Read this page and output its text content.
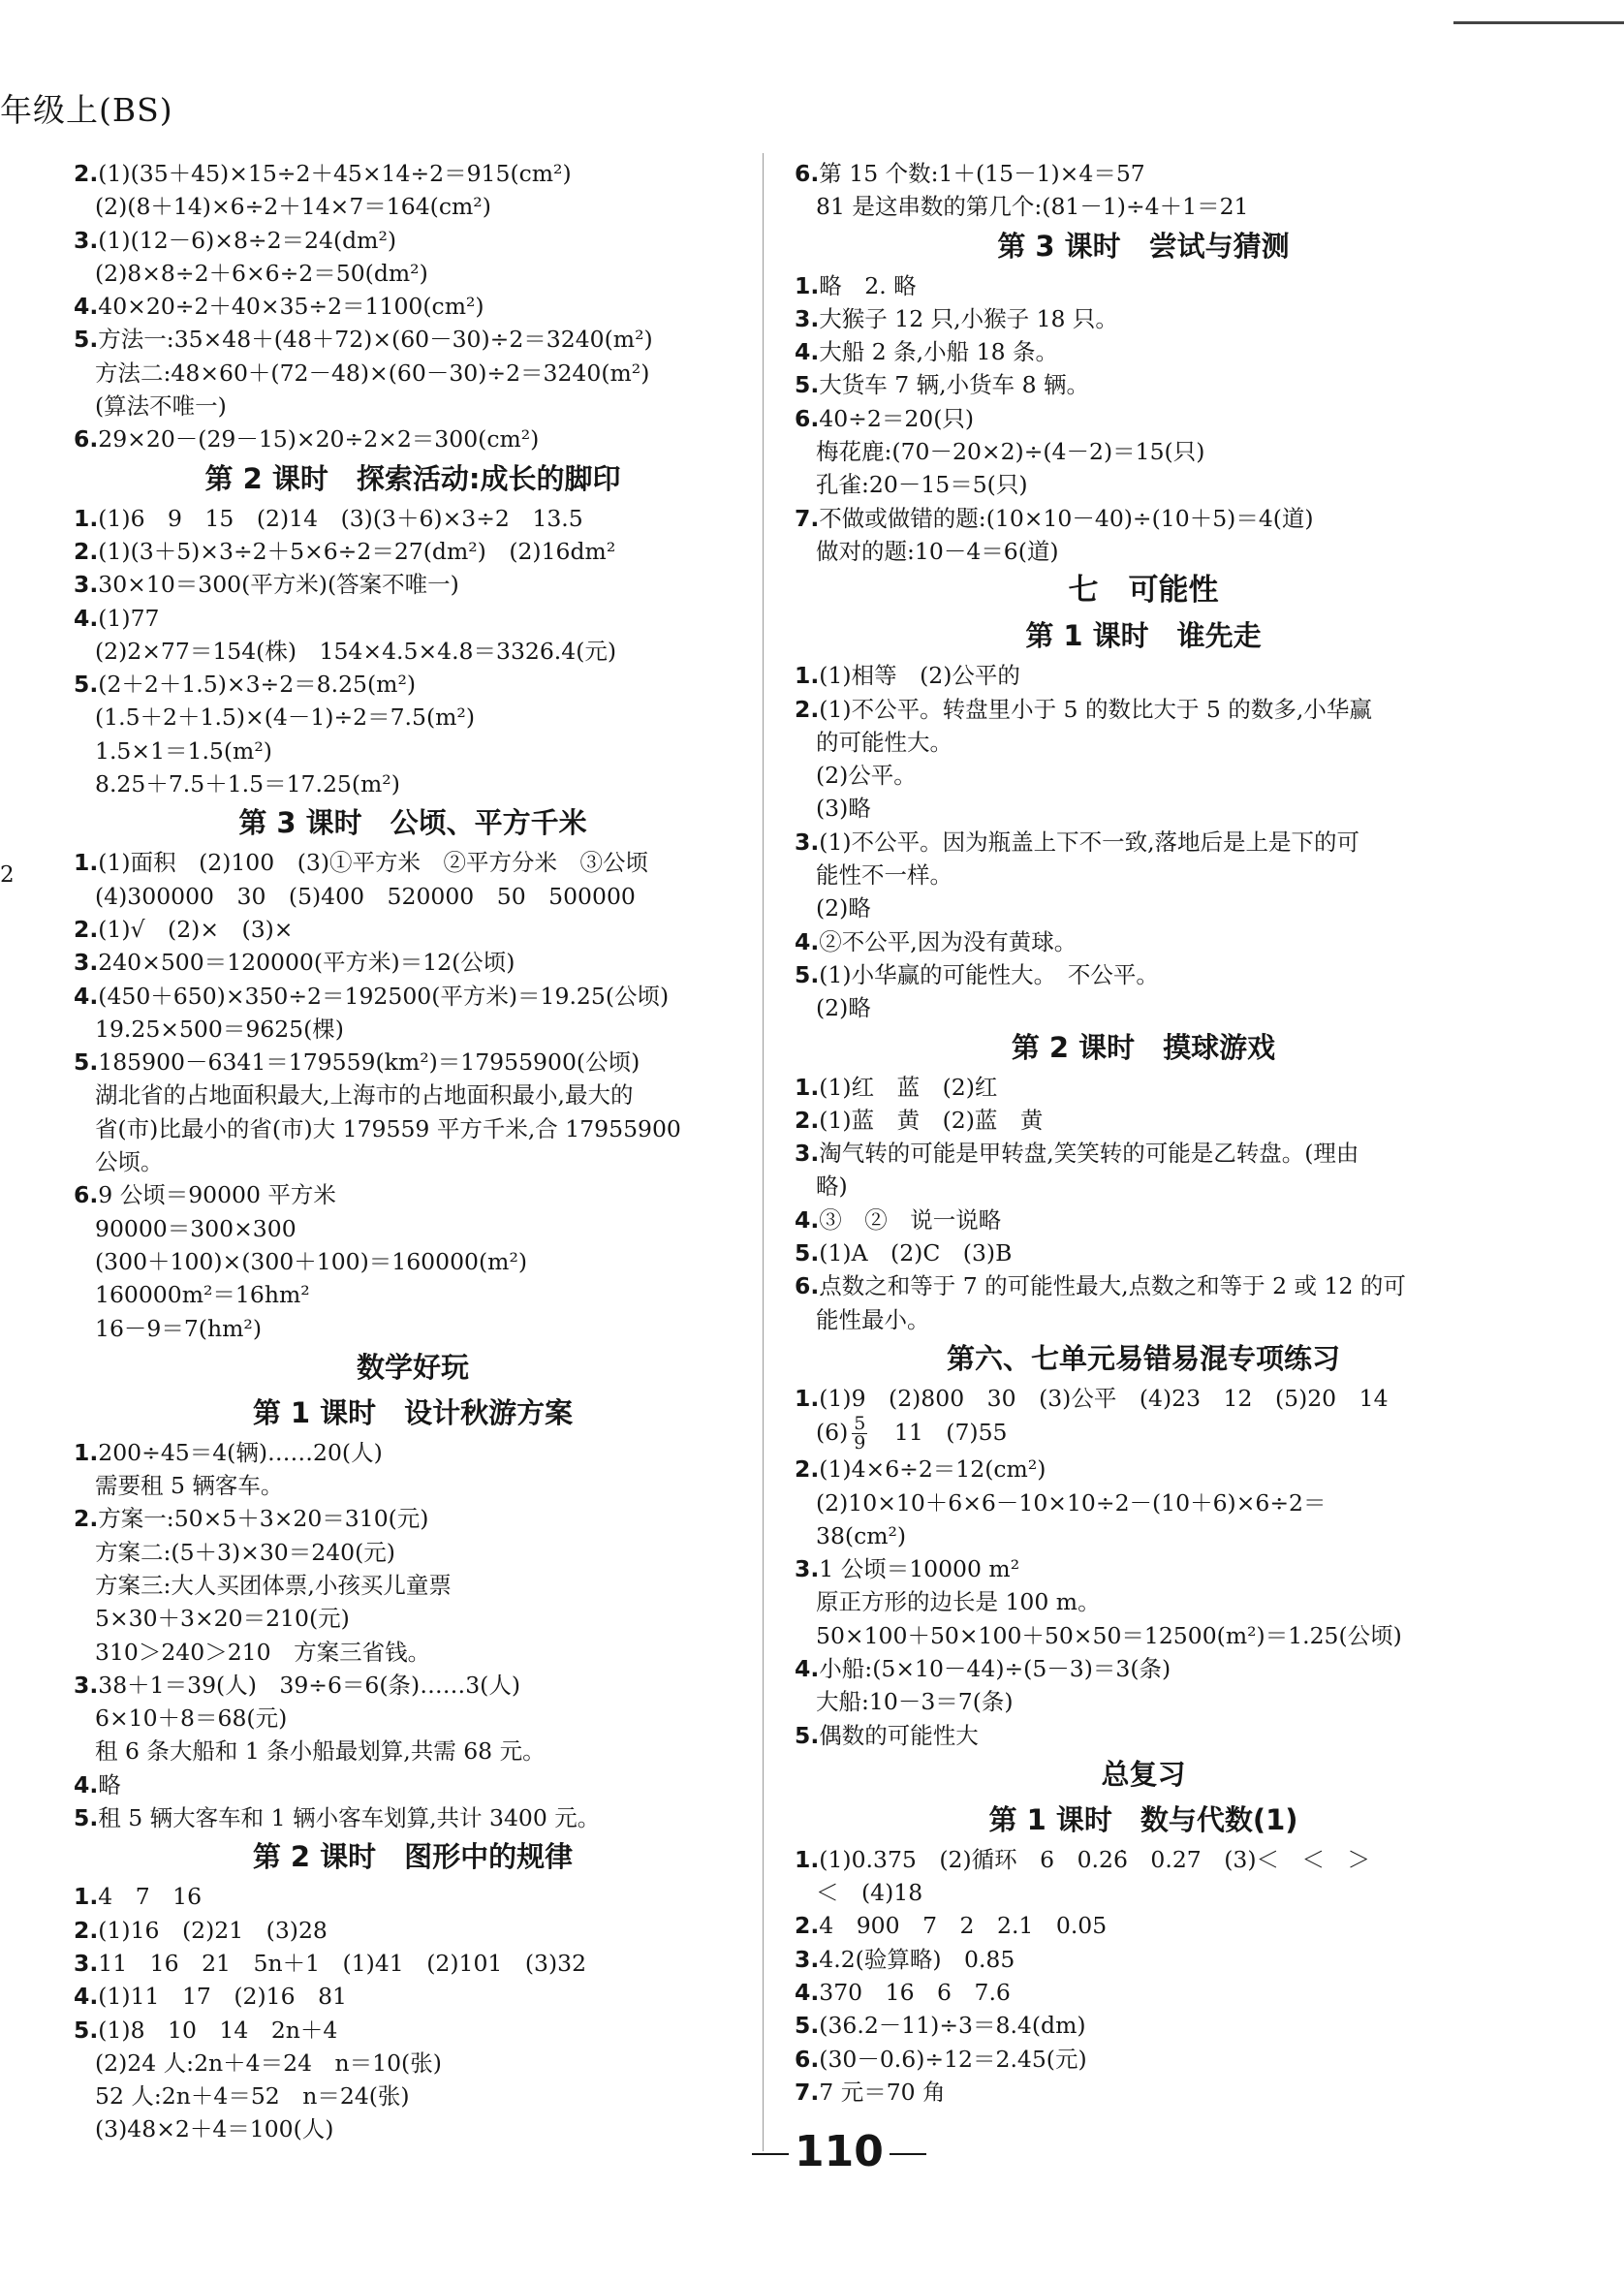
年级上(BS)
2
2.(1)(35＋45)×15÷2＋45×14÷2＝915(cm²)
(2)(8＋14)×6÷2＋14×7＝164(cm²)
3.(1)(12－6)×8÷2＝24(dm²)
(2)8×8÷2＋6×6÷2＝50(dm²)
4.40×20÷2＋40×35÷2＝1100(cm²)
5.方法一:35×48＋(48＋72)×(60－30)÷2＝3240(m²)
方法二:48×60＋(72－48)×(60－30)÷2＝3240(m²)
(算法不唯一)
6.29×20－(29－15)×20÷2×2＝300(cm²)
第 2 课时　探索活动:成长的脚印
1.(1)6　9　15　(2)14　(3)(3＋6)×3÷2　13.5
2.(1)(3＋5)×3÷2＋5×6÷2＝27(dm²)　(2)16dm²
3.30×10＝300(平方米)(答案不唯一)
4.(1)77
(2)2×77＝154(株)　154×4.5×4.8＝3326.4(元)
5.(2＋2＋1.5)×3÷2＝8.25(m²)
(1.5＋2＋1.5)×(4－1)÷2＝7.5(m²)
1.5×1＝1.5(m²)
8.25＋7.5＋1.5＝17.25(m²)
第 3 课时　公顷、平方千米
1.(1)面积　(2)100　(3)①平方米　②平方分米　③公顷
(4)300000　30　(5)400　520000　50　500000
2.(1)√　(2)×　(3)×
3.240×500＝120000(平方米)＝12(公顷)
4.(450＋650)×350÷2＝192500(平方米)＝19.25(公顷)
19.25×500＝9625(棵)
5.185900－6341＝179559(km²)＝17955900(公顷)
湖北省的占地面积最大,上海市的占地面积最小,最大的
省(市)比最小的省(市)大 179559 平方千米,合 17955900
公顷。
6.9 公顷＝90000 平方米
90000＝300×300
(300＋100)×(300＋100)＝160000(m²)
160000m²＝16hm²
16－9＝7(hm²)
数学好玩
第 1 课时　设计秋游方案
1.200÷45＝4(辆)……20(人)
需要租 5 辆客车。
2.方案一:50×5＋3×20＝310(元)
方案二:(5＋3)×30＝240(元)
方案三:大人买团体票,小孩买儿童票
5×30＋3×20＝210(元)
310＞240＞210　方案三省钱。
3.38＋1＝39(人)　39÷6＝6(条)……3(人)
6×10＋8＝68(元)
租 6 条大船和 1 条小船最划算,共需 68 元。
4.略
5.租 5 辆大客车和 1 辆小客车划算,共计 3400 元。
第 2 课时　图形中的规律
1.4　7　16
2.(1)16　(2)21　(3)28
3.11　16　21　5n＋1　(1)41　(2)101　(3)32
4.(1)11　17　(2)16　81
5.(1)8　10　14　2n＋4
(2)24 人:2n＋4＝24　n＝10(张)
52 人:2n＋4＝52　n＝24(张)
(3)48×2＋4＝100(人)
6.第 15 个数:1＋(15－1)×4＝57
81 是这串数的第几个:(81－1)÷4＋1＝21
第 3 课时　尝试与猜测
1.略　2. 略
3.大猴子 12 只,小猴子 18 只。
4.大船 2 条,小船 18 条。
5.大货车 7 辆,小货车 8 辆。
6.40÷2＝20(只)
梅花鹿:(70－20×2)÷(4－2)＝15(只)
孔雀:20－15＝5(只)
7.不做或做错的题:(10×10－40)÷(10＋5)＝4(道)
做对的题:10－4＝6(道)
七　可能性
第 1 课时　谁先走
1.(1)相等　(2)公平的
2.(1)不公平。转盘里小于 5 的数比大于 5 的数多,小华赢
的可能性大。
(2)公平。
(3)略
3.(1)不公平。因为瓶盖上下不一致,落地后是上是下的可
能性不一样。
(2)略
4.②不公平,因为没有黄球。
5.(1)小华赢的可能性大。　不公平。
(2)略
第 2 课时　摸球游戏
1.(1)红　蓝　(2)红
2.(1)蓝　黄　(2)蓝　黄
3.淘气转的可能是甲转盘,笑笑转的可能是乙转盘。(理由
略)
4.③　②　说一说略
5.(1)A　(2)C　(3)B
6.点数之和等于 7 的可能性最大,点数之和等于 2 或 12 的可
能性最小。
第六、七单元易错易混专项练习
1.(1)9　(2)800　30　(3)公平　(4)23　12　(5)20　14
$(6) \frac{5}{9}$ 　11　(7)55
2.(1)4×6÷2＝12(cm²)
(2)10×10＋6×6－10×10÷2－(10＋6)×6÷2＝
38(cm²)
3.1 公顷＝10000 m²
原正方形的边长是 100 m。
50×100＋50×100＋50×50＝12500(m²)＝1.25(公顷)
4.小船:(5×10－44)÷(5－3)＝3(条)
大船:10－3＝7(条)
5.偶数的可能性大
总复习
第 1 课时　数与代数(1)
1.(1)0.375　(2)循环　6　0.26̇　0.27　(3)＜　＜　＞
＜　(4)18
2.4　900　7　2　2.1　0.05
3.4.2(验算略)　0.85
4.370　16　6　7.6
5.(36.2－11)÷3＝8.4(dm)
6.(30－0.6)÷12＝2.45(元)
7.7 元＝70 角
110
